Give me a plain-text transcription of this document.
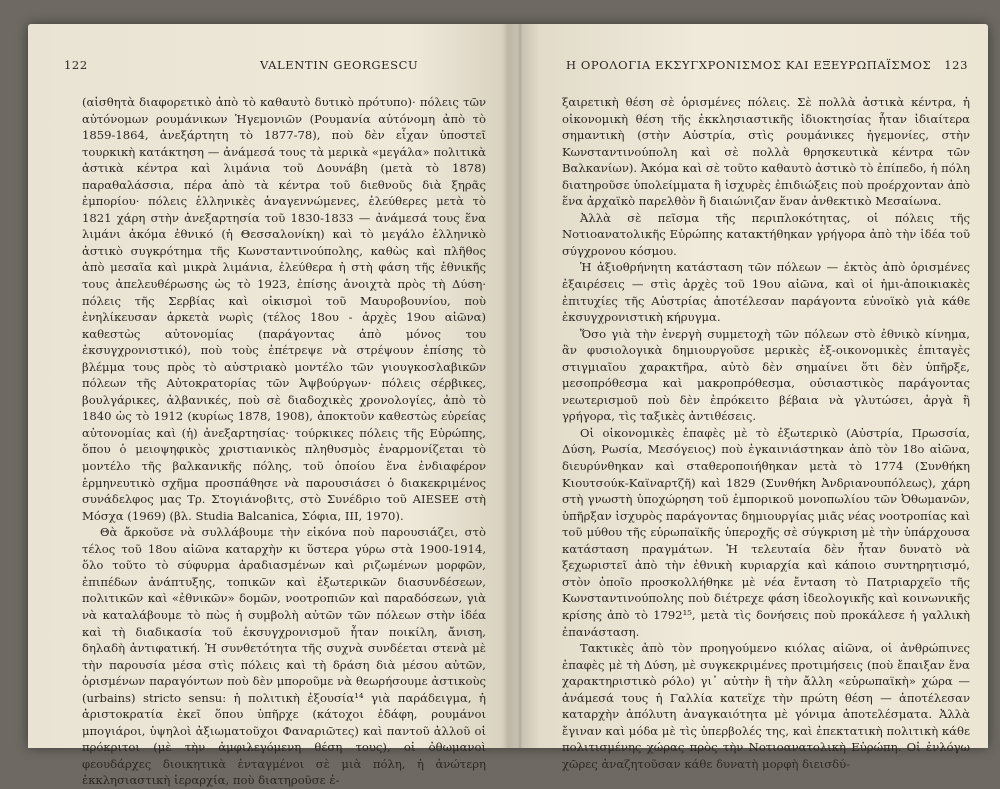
122	VALENTIN GEORGESCU

(αἰσθητὰ διαφορετικὸ ἀπὸ τὸ καθαυτὸ δυτικὸ πρότυπο)· πόλεις τῶν αὐτόνομων ρουμάνικων Ἡγεμονιῶν (Ρουμανία αὐτόνομη ἀπὸ τὸ 1859-1864, ἀνεξάρτητη τὸ 1877-78), ποὺ δὲν εἶχαν ὑποστεῖ τουρκικὴ κατάκτηση — ἀνάμεσά τους τὰ μερικὰ «μεγάλα» πολιτικὰ ἀστικὰ κέντρα καὶ λιμάνια τοῦ Δουνάβη (μετὰ τὸ 1878) παραθαλάσσια, πέρα ἀπὸ τὰ κέντρα τοῦ διεθνοῦς διὰ ξηρᾶς ἐμπορίου· πόλεις ἑλληνικὲς ἀναγεννώμενες, ἐλεύθερες μετὰ τὸ 1821 χάρη στὴν ἀνεξαρτησία τοῦ 1830-1833 — ἀνάμεσά τους ἕνα λιμάνι ἀκόμα ἐθνικό (ἡ Θεσσαλονίκη) καὶ τὸ μεγάλο ἑλληνικὸ ἀστικὸ συγκρότημα τῆς Κωνσταντινούπολης, καθὼς καὶ πλῆθος ἀπὸ μεσαῖα καὶ μικρὰ λιμάνια, ἐλεύθερα ἡ στὴ φάση τῆς ἐθνικῆς τους ἀπελευθέρωσης ὡς τὸ 1923, ἐπίσης ἀνοιχτὰ πρὸς τὴ Δύση· πόλεις τῆς Σερβίας καὶ οἰκισμοὶ τοῦ Μαυροβουνίου, ποὺ ἐνηλίκευσαν ἀρκετὰ νωρὶς (τέλος 18ου - ἀρχὲς 19ου αἰῶνα) καθεστὼς αὐτονομίας (παράγοντας ἀπὸ μόνος του ἐκσυγχρονιστικό), ποὺ τοὺς ἐπέτρεψε νὰ στρέψουν ἐπίσης τὸ βλέμμα τους πρὸς τὸ αὐστριακὸ μοντέλο τῶν γιουγκοσλαβικῶν πόλεων τῆς Αὐτοκρατορίας τῶν Ἀψβούργων· πόλεις σέρβικες, βουλγάρικες, ἀλβανικές, ποὺ σὲ διαδοχικὲς χρονολογίες, ἀπὸ τὸ 1840 ὡς τὸ 1912 (κυρίως 1878, 1908), ἀποκτοῦν καθεστὼς εὐρείας αὐτονομίας καὶ (ἡ) ἀνεξαρτησίας· τούρκικες πόλεις τῆς Εὐρώπης, ὅπου ὁ μειοψηφικὸς χριστιανικὸς πληθυσμὸς ἐναρμονίζεται τὸ μοντέλο τῆς βαλκανικῆς πόλης, τοῦ ὁποίου ἕνα ἐνδιαφέρον ἑρμηνευτικὸ σχῆμα προσπάθησε νὰ παρουσιάσει ὁ διακεκριμένος συνάδελφος μας Τρ. Στογιάνοβιτς, στὸ Συνέδριο τοῦ AIESEE στὴ Μόσχα (1969) (βλ. Studia Balcanica, Σόφια, III, 1970).

Θὰ ἄρκοῦσε νὰ συλλάβουμε τὴν εἰκόνα ποὺ παρουσιάζει, στὸ τέλος τοῦ 18ου αἰῶνα καταρχὴν κι ὕστερα γύρω στὰ 1900-1914, ὅλο τοῦτο τὸ σύφυρμα ἀραδιασμένων καὶ ριζωμένων μορφῶν, ἐπιπέδων ἀνάπτυξης, τοπικῶν καὶ ἐξωτερικῶν διασυνδέσεων, πολιτικῶν καὶ «ἐθνικῶν» δομῶν, νοοτροπιῶν καὶ παραδόσεων, γιὰ νὰ καταλάβουμε τὸ πὼς ἡ συμβολὴ αὐτῶν τῶν πόλεων στὴν ἰδέα καὶ τὴ διαδικασία τοῦ ἐκσυγχρονισμοῦ ἦταν ποικίλη, ἄνιση, δηλαδὴ ἀντιφατική. Ἡ συνθετότητα τῆς συχνὰ συνδέεται στενὰ μὲ τὴν παρουσία μέσα στὶς πόλεις καὶ τὴ δράση διὰ μέσου αὐτῶν, ὁρισμένων παραγόντων ποὺ δὲν μποροῦμε νὰ θεωρήσουμε ἀστικοὺς (urbains) stricto sensu: ἡ πολιτικὴ ἐξουσία¹⁴ γιὰ παράδειγμα, ἡ ἀριστοκρατία ἐκεῖ ὅπου ὑπῆρχε (κάτοχοι ἐδάφη, ρουμάνοι μπογιάροι, ὑψηλοὶ ἀξιωματοῦχοι Φαναριῶτες) καὶ παντοῦ ἀλλοῦ οἱ πρόκριτοι (μὲ τὴν ἀμφιλεγόμενη θέση τους), οἱ ὀθωμανοὶ φεουδάρχες διοικητικὰ ἐνταγμένοι σὲ μιὰ πόλη, ἡ ἀνώτερη ἐκκλησιαστικὴ ἱεραρχία, ποὺ διατηροῦσε ἐ-

Η ΟΡΟΛΟΓΙΑ ΕΚΣΥΓΧΡΟΝΙΣΜΟΣ ΚΑΙ ΕΞΕΥΡΩΠΑΪΣΜΟΣ 123

ξαιρετικὴ θέση σὲ ὁρισμένες πόλεις. Σὲ πολλὰ ἀστικὰ κέντρα, ἡ οἰκονομικὴ θέση τῆς ἐκκλησιαστικῆς ἰδιοκτησίας ἦταν ἰδιαίτερα σημαντικὴ (στὴν Αὐστρία, στὶς ρουμάνικες ἡγεμονίες, στὴν Κωνσταντινούπολη καὶ σὲ πολλὰ θρησκευτικὰ κέντρα τῶν Βαλκανίων). Ἀκόμα καὶ σὲ τοῦτο καθαυτὸ ἀστικὸ τὸ ἐπίπεδο, ἡ πόλη διατηροῦσε ὑπολείμματα ἢ ἰσχυρὲς ἐπιδιώξεις ποὺ προέρχονταν ἀπὸ ἕνα ἀρχαϊκὸ παρελθὸν ἢ διαιώνιζαν ἕναν ἀνθεκτικὸ Μεσαίωνα.

Ἀλλὰ σὲ πεῖσμα τῆς περιπλοκότητας, οἱ πόλεις τῆς Νοτιοανατολικῆς Εὐρώπης κατακτήθηκαν γρήγορα ἀπὸ τὴν ἰδέα τοῦ σύγχρονου κόσμου.

Ἡ ἀξιοθρήνητη κατάσταση τῶν πόλεων — ἐκτὸς ἀπὸ ὁρισμένες ἐξαιρέσεις — στὶς ἀρχὲς τοῦ 19ου αἰῶνα, καὶ οἱ ἡμι-ἀποικιακὲς ἐπιτυχίες τῆς Αὐστρίας ἀποτέλεσαν παράγοντα εὐνοϊκὸ γιὰ κάθε ἐκσυγχρονιστικὴ κήρυγμα.

Ὅσο γιὰ τὴν ἐνεργὴ συμμετοχὴ τῶν πόλεων στὸ ἐθνικὸ κίνημα, ἂν φυσιολογικὰ δημιουργοῦσε μερικὲς ἐξ-οικονομικὲς ἐπιταγὲς στιγμιαῖου χαρακτῆρα, αὐτὸ δὲν σημαίνει ὅτι δὲν ὑπῆρξε, μεσοπρόθεσμα καὶ μακροπρόθεσμα, οὐσιαστικὸς παράγοντας νεωτερισμοῦ ποὺ δὲν ἐπρόκειτο βέβαια νὰ γλυτώσει, ἀργὰ ἢ γρήγορα, τὶς ταξικὲς ἀντιθέσεις.

Οἱ οἰκονομικὲς ἐπαφὲς μὲ τὸ ἐξωτερικὸ (Αὐστρία, Πρωσσία, Δύση, Ρωσία, Μεσόγειος) ποὺ ἐγκαινιάστηκαν ἀπὸ τὸν 18ο αἰῶνα, διευρύνθηκαν καὶ σταθεροποιήθηκαν μετὰ τὸ 1774 (Συνθήκη Κιουτσούκ-Καϊναρτζῆ) καὶ 1829 (Συνθήκη Ἀνδριανουπόλεως), χάρη στὴ γνωστὴ ὑποχώρηση τοῦ ἐμπορικοῦ μονοπωλίου τῶν Ὀθωμανῶν, ὑπῆρξαν ἰσχυρὸς παράγοντας δημιουργίας μιᾶς νέας νοοτροπίας καὶ τοῦ μύθου τῆς εὐρωπαϊκῆς ὑπεροχῆς σὲ σύγκριση μὲ τὴν ὑπάρχουσα κατάσταση πραγμάτων. Ἡ τελευταία δὲν ἦταν δυνατὸ νὰ ξεχωριστεῖ ἀπὸ τὴν ἐθνικὴ κυριαρχία καὶ κάποιο συντηρητισμό, στὸν ὁποῖο προσκολλήθηκε μὲ νέα ἔνταση τὸ Πατριαρχεῖο τῆς Κωνσταντινούπολης ποὺ διέτρεχε φάση ἰδεολογικῆς καὶ κοινωνικῆς κρίσης ἀπὸ τὸ 1792¹⁵, μετὰ τὶς δονήσεις ποὺ προκάλεσε ἡ γαλλικὴ ἐπανάσταση.

Τακτικὲς ἀπὸ τὸν προηγούμενο κιόλας αἰῶνα, οἱ ἀνθρώπινες ἐπαφὲς μὲ τὴ Δύση, μὲ συγκεκριμένες προτιμήσεις (ποὺ ἔπαιξαν ἕνα χαρακτηριστικὸ ρόλο) γι᾽ αὐτὴν ἢ τὴν ἄλλη «εὐρωπαϊκὴ» χώρα — ἀνάμεσά τους ἡ Γαλλία κατεῖχε τὴν πρώτη θέση — ἀποτέλεσαν καταρχὴν ἀπόλυτη ἀναγκαιότητα μὲ γόνιμα ἀποτελέσματα. Ἀλλὰ ἔγιναν καὶ μόδα μὲ τὶς ὑπερβολές της, καὶ ἐπεκτατικὴ πολιτικὴ κάθε πολιτισμένης χώρας πρὸς τὴν Νοτιοανατολικὴ Εὐρώπη. Οἱ ἐνλόγω χῶρες ἀναζητοῦσαν κάθε δυνατὴ μορφὴ διεισδύ-
